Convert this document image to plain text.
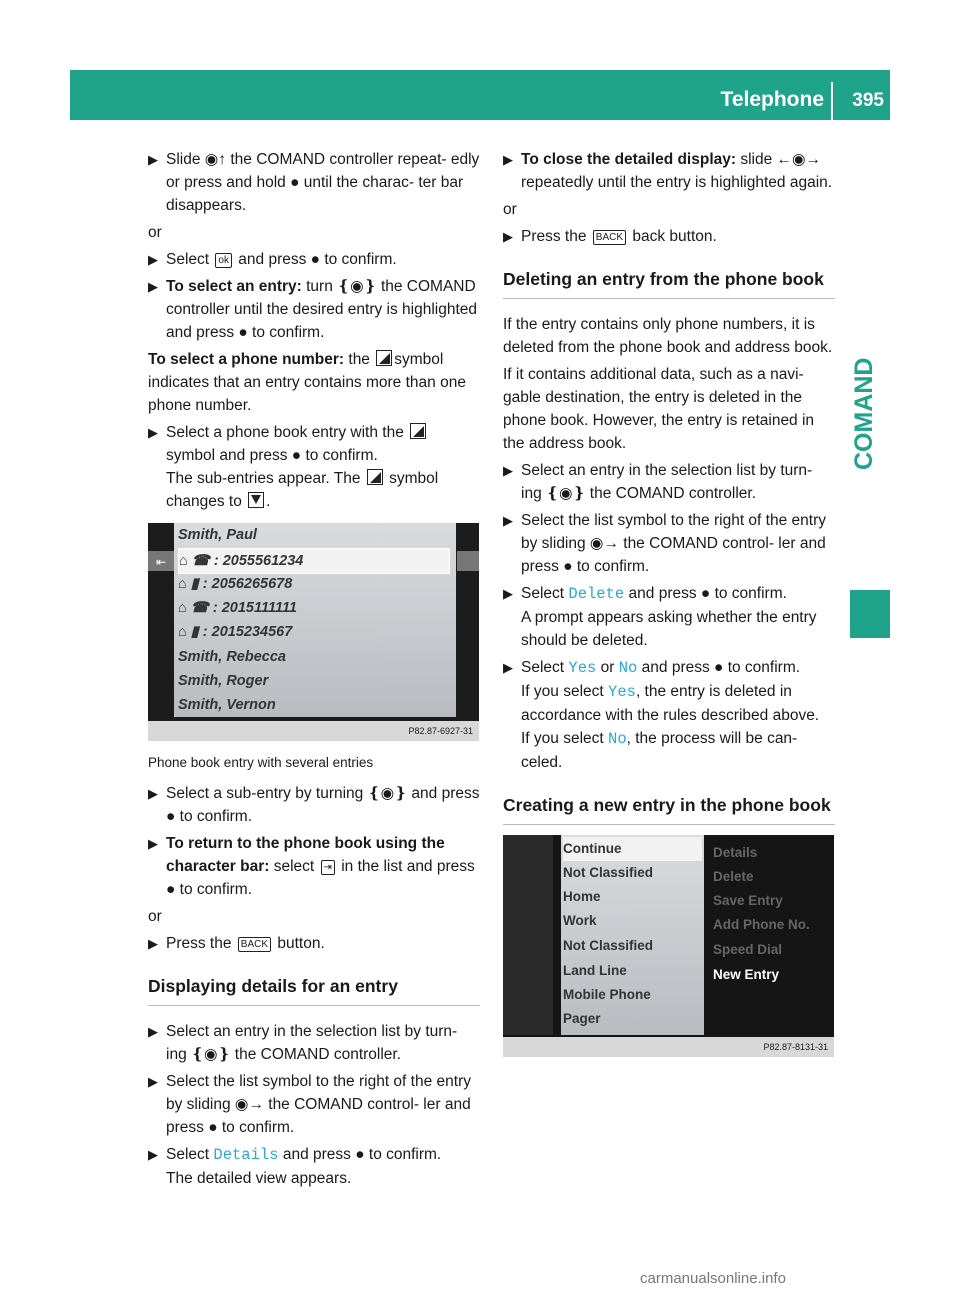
Telephone 395
COMAND
▶ Slide ◉↑ the COMAND controller repeat- edly or press and hold ● until the charac- ter bar disappears.
or
▶ Select ok and press ● to confirm.
▶ To select an entry: turn ❴◉❵ the COMAND controller until the desired entry is highlighted and press ● to confirm.
To select a phone number: the symbol indicates that an entry contains more than one phone number.
▶ Select a phone book entry with the  symbol and press ● to confirm.
The sub-entries appear. The symbol changes to .
⇤
Smith, Paul
⌂ ☎ : 2055561234
⌂ ▮ : 2056265678
⌂ ☎ : 2015111111
⌂ ▮ : 2015234567
Smith, Rebecca
Smith, Roger
Smith, Vernon
P82.87-6927-31
Phone book entry with several entries
▶ Select a sub-entry by turning ❴◉❵ and press ● to confirm.
▶ To return to the phone book using the character bar: select ⇥ in the list and press ● to confirm.
or
▶ Press the BACK button.
Displaying details for an entry
▶ Select an entry in the selection list by turn- ing ❴◉❵ the COMAND controller.
▶ Select the list symbol to the right of the entry by sliding ◉→ the COMAND control- ler and press ● to confirm.
▶ Select Details and press ● to confirm.
The detailed view appears.
▶ To close the detailed display: slide ←◉→ repeatedly until the entry is highlighted again.
or
▶ Press the BACK back button.
Deleting an entry from the phone book
If the entry contains only phone numbers, it is deleted from the phone book and address book.
If it contains additional data, such as a navi- gable destination, the entry is deleted in the phone book. However, the entry is retained in the address book.
▶ Select an entry in the selection list by turn- ing ❴◉❵ the COMAND controller.
▶ Select the list symbol to the right of the entry by sliding ◉→ the COMAND control- ler and press ● to confirm.
▶ Select Delete and press ● to confirm.
A prompt appears asking whether the entry should be deleted.
▶ Select Yes or No and press ● to confirm.
If you select Yes, the entry is deleted in accordance with the rules described above.
If you select No, the process will be can- celed.
Creating a new entry in the phone book
Continue
Not Classified
Home
Work
Not Classified
Land Line
Mobile Phone
Pager
Details
Delete
Save Entry
Add Phone No.
Speed Dial
New Entry
P82.87-8131-31
carmanualsonline.info
